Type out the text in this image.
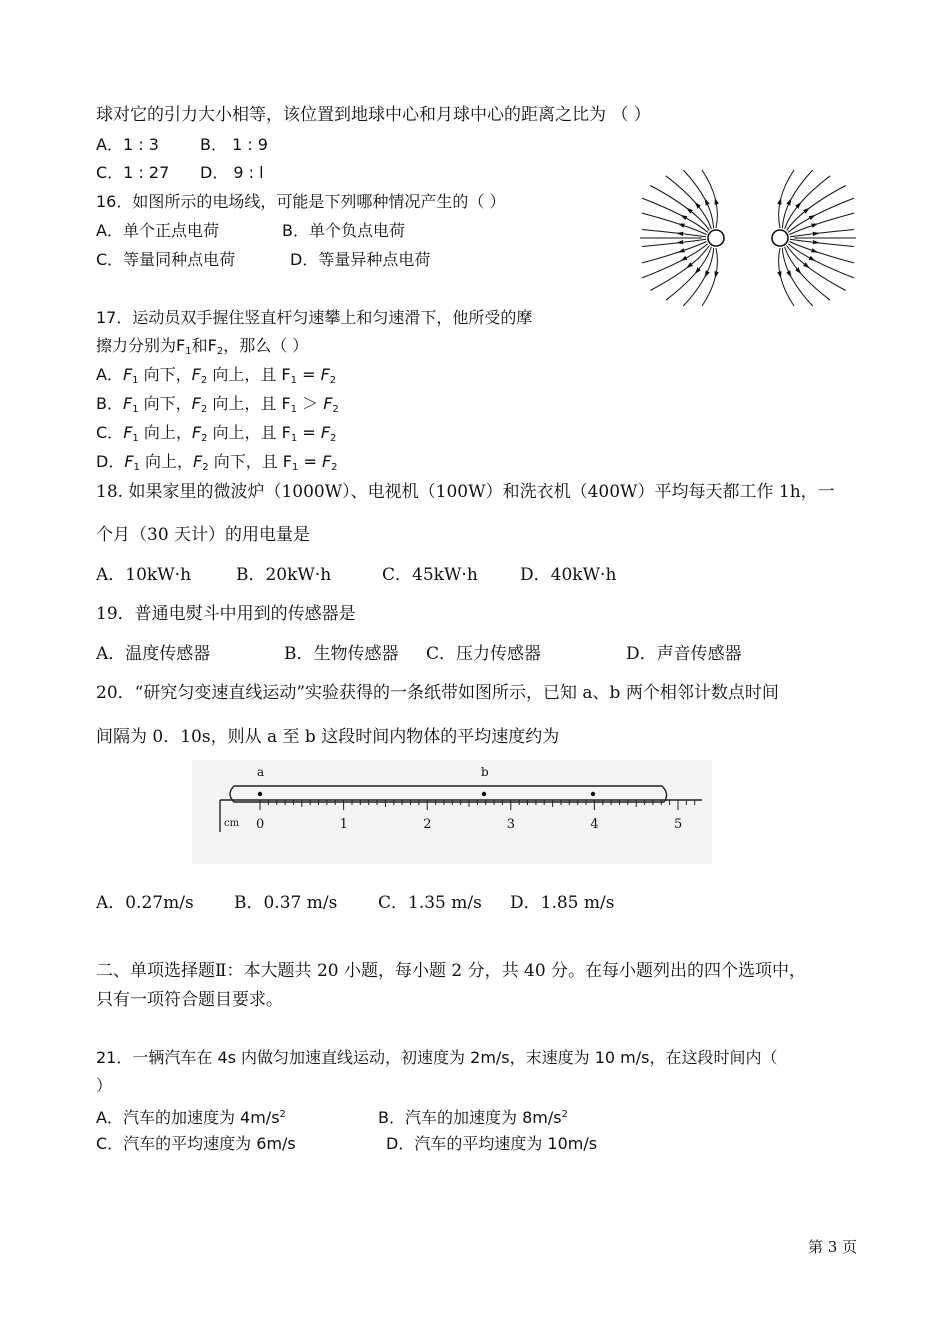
球对它的引力大小相等，该位置到地球中心和月球中心的距离之比为 （ ）
A．1 : 3	B． 1 : 9
C．1 : 27 D． 9 : l
16．如图所示的电场线，可能是下列哪种情况产生的（ ）
A．单个正点电荷	B．单个负点电荷
C．等量同种点电荷	D．等量异种点电荷
17．运动员双手握住竖直杆匀速攀上和匀速滑下，他所受的摩
擦力分别为$F_1$和$F_2$，那么（ ）
A．$F_1$ 向下，$F_2$ 向上，且 $F_1 = F_2$
B．$F_1$ 向下，$F_2$ 向上，且 $F_1 > F_2$
C．$F_1$ 向上，$F_2$ 向上，且 $F_1 = F_2$
D．$F_1$ 向上，$F_2$ 向下，且 $F_1 = F_2$
18. 如果家里的微波炉（1000W）、电视机（100W）和洗衣机（400W）平均每天都工作 1h，一
个月（30 天计）的用电量是
A．10kW·h	B．20kW·h	C．45kW·h D．40kW·h
19．普通电熨斗中用到的传感器是
A．温度传感器	B．生物传感器 C．压力传感器	D．声音传感器
20．“研究匀变速直线运动”实验获得的一条纸带如图所示，已知 a、b 两个相邻计数点时间
间隔为 0．10s，则从 a 至 b 这段时间内物体的平均速度约为
0	1	2	3	4	5
cm
a	b
A．0.27m/s B．0.37 m/s C．1.35 m/s D．1.85 m/s
二、单项选择题Ⅱ：本大题共 20 小题，每小题 2 分，共 40 分。在每小题列出的四个选项中，
只有一项符合题目要求。
21．一辆汽车在 4s 内做匀加速直线运动，初速度为 2m/s，末速度为 10 m/s，在这段时间内（
）
A．汽车的加速度为 $4m/s^2$	B．汽车的加速度为 $8m/s^2$
C．汽车的平均速度为 6m/s	D．汽车的平均速度为 10m/s
第 3 页
